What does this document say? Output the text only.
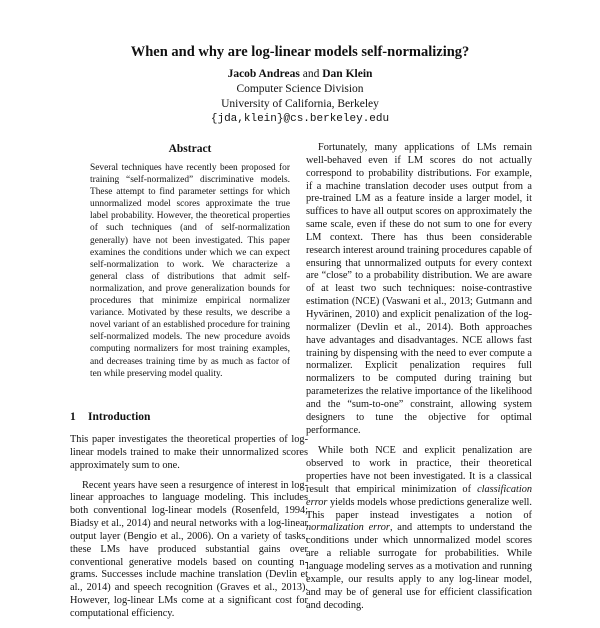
When and why are log-linear models self-normalizing?
Jacob Andreas and Dan Klein
Computer Science Division
University of California, Berkeley
{jda,klein}@cs.berkeley.edu
Abstract
Several techniques have recently been proposed for training “self-normalized” discriminative models. These attempt to find parameter settings for which unnormalized model scores approximate the true label probability. However, the theoretical properties of such techniques (and of self-normalization generally) have not been investigated. This paper examines the conditions under which we can expect self-normalization to work. We characterize a general class of distributions that admit self-normalization, and prove generalization bounds for procedures that minimize empirical normalizer variance. Motivated by these results, we describe a novel variant of an established procedure for training self-normalized models. The new procedure avoids computing normalizers for most training examples, and decreases training time by as much as factor of ten while preserving model quality.
1 Introduction

This paper investigates the theoretical properties of log-linear models trained to make their unnormalized scores approximately sum to one.

Recent years have seen a resurgence of interest in log-linear approaches to language modeling. This includes both conventional log-linear models (Rosenfeld, 1994; Biadsy et al., 2014) and neural networks with a log-linear output layer (Bengio et al., 2006). On a variety of tasks, these LMs have produced substantial gains over conventional generative models based on counting n-grams. Successes include machine translation (Devlin et al., 2014) and speech recognition (Graves et al., 2013). However, log-linear LMs come at a significant cost for computational efficiency.

Fortunately, many applications of LMs remain well-behaved even if LM scores do not actually correspond to probability distributions. For example, if a machine translation decoder uses output from a pre-trained LM as a feature inside a larger model, it suffices to have all output scores on approximately the same scale, even if these do not sum to one for every LM context. There has thus been considerable research interest around training procedures capable of ensuring that unnormalized outputs for every context are “close” to a probability distribution. We are aware of at least two such techniques: noise-contrastive estimation (NCE) (Vaswani et al., 2013; Gutmann and Hyvärinen, 2010) and explicit penalization of the log-normalizer (Devlin et al., 2014). Both approaches have advantages and disadvantages. NCE allows fast training by dispensing with the need to ever compute a normalizer. Explicit penalization requires full normalizers to be computed during training but parameterizes the relative importance of the likelihood and the “sum-to-one” constraint, allowing system designers to tune the objective for optimal performance.

While both NCE and explicit penalization are observed to work in practice, their theoretical properties have not been investigated. It is a classical result that empirical minimization of classification error yields models whose predictions generalize well. This paper instead investigates a notion of normalization error, and attempts to understand the conditions under which unnormalized model scores are a reliable surrogate for probabilities. While language modeling serves as a motivation and running example, our results apply to any log-linear model, and may be of general use for efficient classification and decoding.
